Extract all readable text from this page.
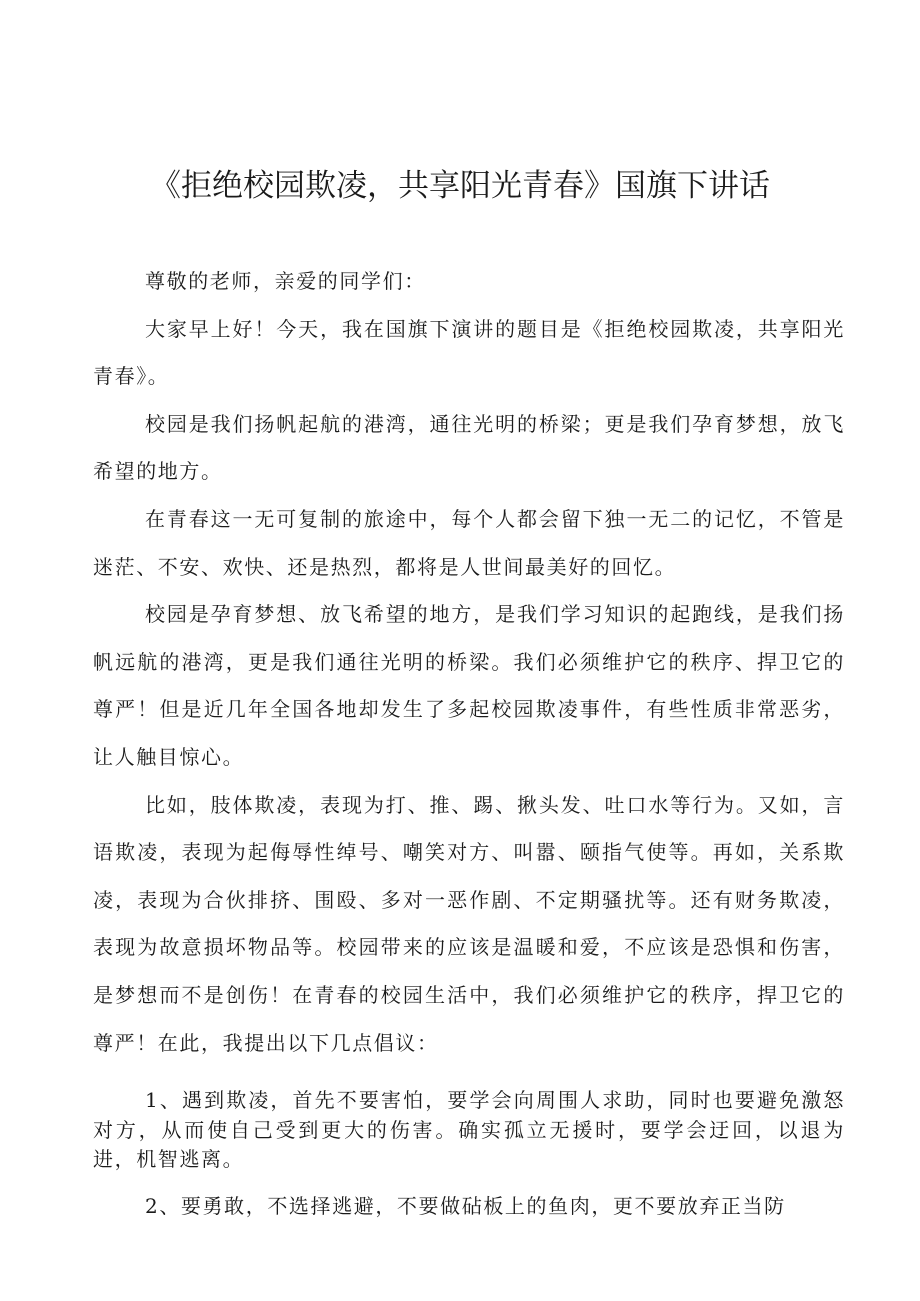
《拒绝校园欺凌，共享阳光青春》国旗下讲话

尊敬的老师，亲爱的同学们：

大家早上好！今天，我在国旗下演讲的题目是《拒绝校园欺凌，共享阳光青春》。

校园是我们扬帆起航的港湾，通往光明的桥梁；更是我们孕育梦想，放飞希望的地方。

在青春这一无可复制的旅途中，每个人都会留下独一无二的记忆，不管是迷茫、不安、欢快、还是热烈，都将是人世间最美好的回忆。

校园是孕育梦想、放飞希望的地方，是我们学习知识的起跑线，是我们扬帆远航的港湾，更是我们通往光明的桥梁。我们必须维护它的秩序、捍卫它的尊严！但是近几年全国各地却发生了多起校园欺凌事件，有些性质非常恶劣，让人触目惊心。

比如，肢体欺凌，表现为打、推、踢、揪头发、吐口水等行为。又如，言语欺凌，表现为起侮辱性绰号、嘲笑对方、叫嚣、颐指气使等。再如，关系欺凌，表现为合伙排挤、围殴、多对一恶作剧、不定期骚扰等。还有财务欺凌，表现为故意损坏物品等。校园带来的应该是温暖和爱，不应该是恐惧和伤害，是梦想而不是创伤！在青春的校园生活中，我们必须维护它的秩序，捍卫它的尊严！在此，我提出以下几点倡议：

1、遇到欺凌，首先不要害怕，要学会向周围人求助，同时也要避免激怒对方，从而使自己受到更大的伤害。确实孤立无援时，要学会迂回，以退为进，机智逃离。

2、要勇敢，不选择逃避，不要做砧板上的鱼肉，更不要放弃正当防
